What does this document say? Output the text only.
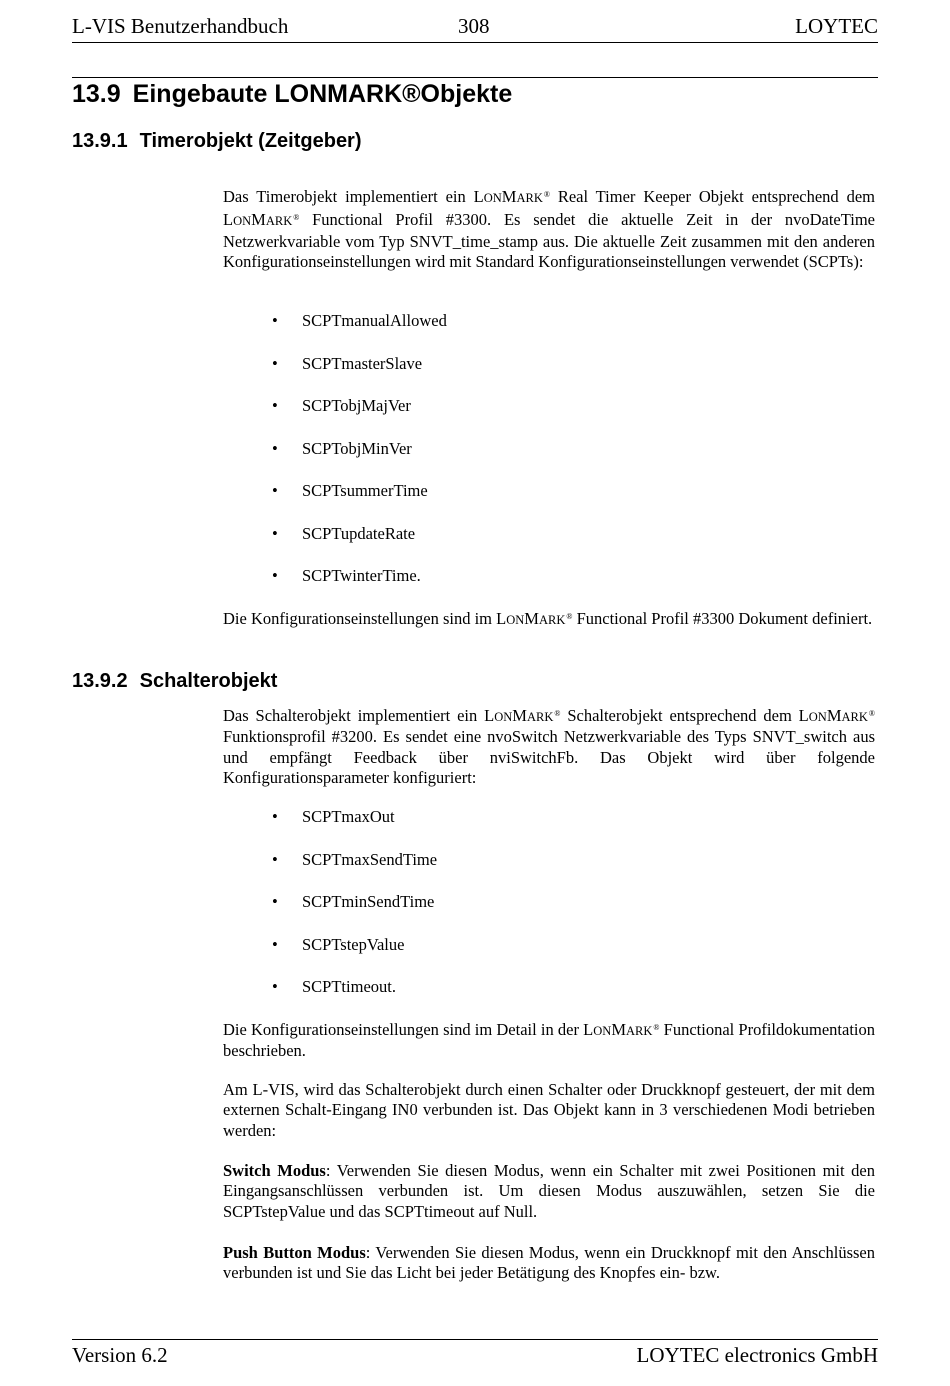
L-VIS Benutzerhandbuch	308	LOYTEC
13.9 Eingebaute LONMARK®Objekte
13.9.1 Timerobjekt (Zeitgeber)

Das Timerobjekt implementiert ein LONMARK® Real Timer Keeper Objekt entsprechend dem LONMARK® Functional Profil #3300. Es sendet die aktuelle Zeit in der nvoDateTime Netzwerkvariable vom Typ SNVT_time_stamp aus. Die aktuelle Zeit zusammen mit den anderen Konfigurationseinstellungen wird mit Standard Konfigurationseinstellungen verwendet (SCPTs):

• SCPTmanualAllowed
• SCPTmasterSlave
• SCPTobjMajVer
• SCPTobjMinVer
• SCPTsummerTime
• SCPTupdateRate
• SCPTwinterTime.

Die Konfigurationseinstellungen sind im LONMARK® Functional Profil #3300 Dokument definiert.

13.9.2 Schalterobjekt

Das Schalterobjekt implementiert ein LONMARK® Schalterobjekt entsprechend dem LONMARK® Funktionsprofil #3200. Es sendet eine nvoSwitch Netzwerkvariable des Typs SNVT_switch aus und empfängt Feedback über nviSwitchFb. Das Objekt wird über folgende Konfigurationsparameter konfiguriert:

• SCPTmaxOut
• SCPTmaxSendTime
• SCPTminSendTime
• SCPTstepValue
• SCPTtimeout.

Die Konfigurationseinstellungen sind im Detail in der LONMARK® Functional Profildokumentation beschrieben.

Am L-VIS, wird das Schalterobjekt durch einen Schalter oder Druckknopf gesteuert, der mit dem externen Schalt-Eingang IN0 verbunden ist. Das Objekt kann in 3 verschiedenen Modi betrieben werden:

Switch Modus: Verwenden Sie diesen Modus, wenn ein Schalter mit zwei Positionen mit den Eingangsanschlüssen verbunden ist. Um diesen Modus auszuwählen, setzen Sie die SCPTstepValue und das SCPTtimeout auf Null.

Push Button Modus: Verwenden Sie diesen Modus, wenn ein Druckknopf mit den Anschlüssen verbunden ist und Sie das Licht bei jeder Betätigung des Knopfes ein- bzw.

Version 6.2	LOYTEC electronics GmbH
